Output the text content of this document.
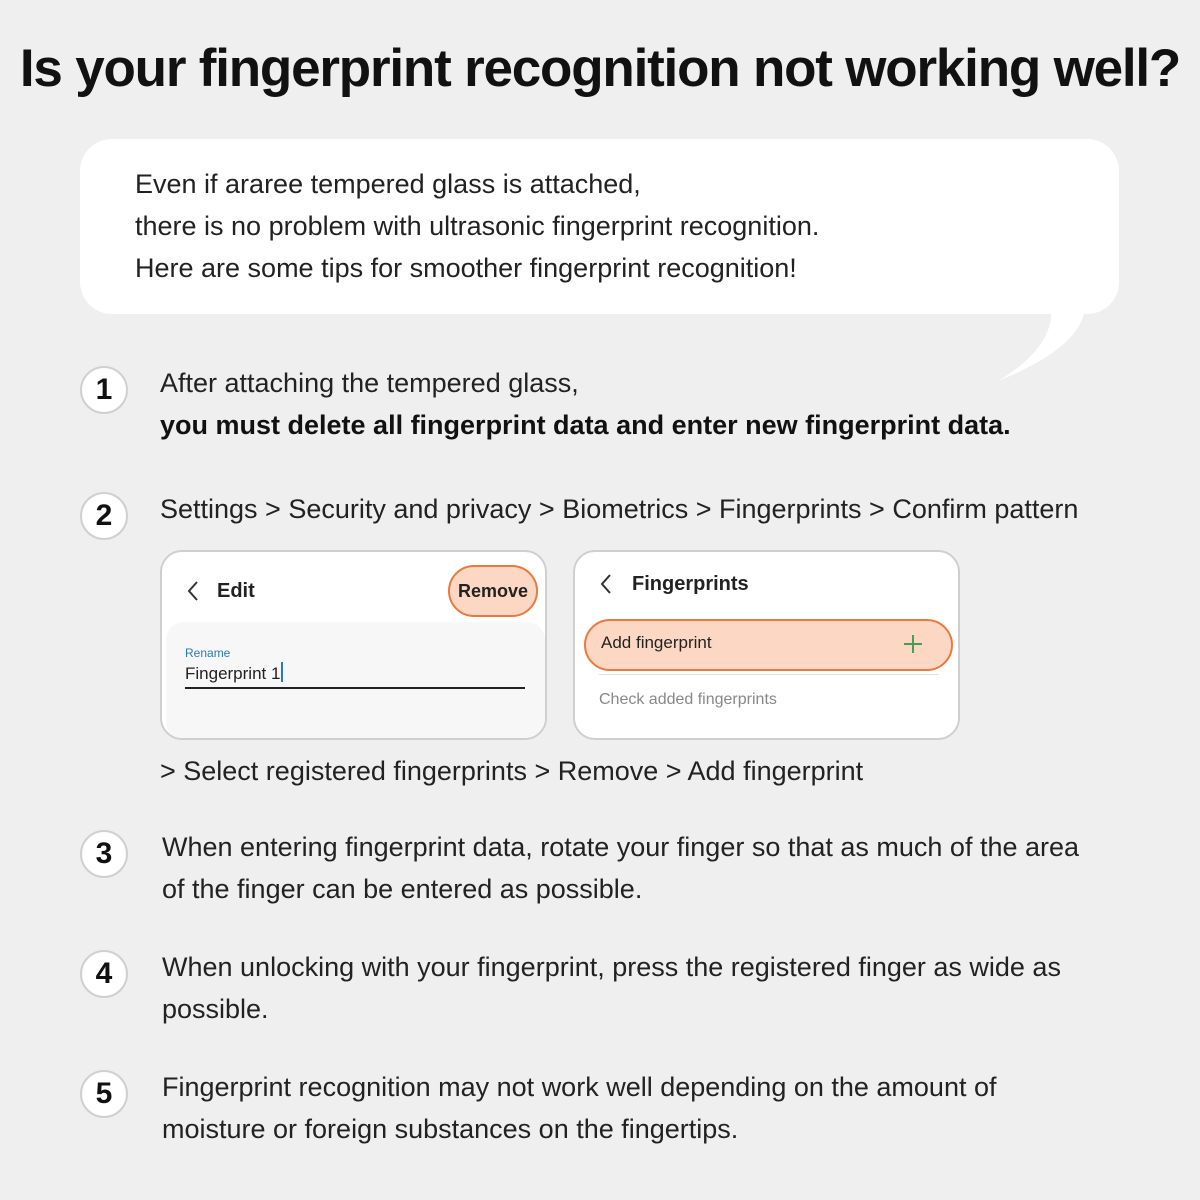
Is your fingerprint recognition not working well?
Even if araree tempered glass is attached,
there is no problem with ultrasonic fingerprint recognition.
Here are some tips for smoother fingerprint recognition!
1	After attaching the tempered glass,
you must delete all fingerprint data and enter new fingerprint data.
2	Settings > Security and privacy > Biometrics > Fingerprints > Confirm pattern
Edit	Remove
Rename
Fingerprint 1
Fingerprints
Add fingerprint
Check added fingerprints
> Select registered fingerprints > Remove > Add fingerprint
3	When entering fingerprint data, rotate your finger so that as much of the area
of the finger can be entered as possible.
4	When unlocking with your fingerprint, press the registered finger as wide as
possible.
5	Fingerprint recognition may not work well depending on the amount of
moisture or foreign substances on the fingertips.
